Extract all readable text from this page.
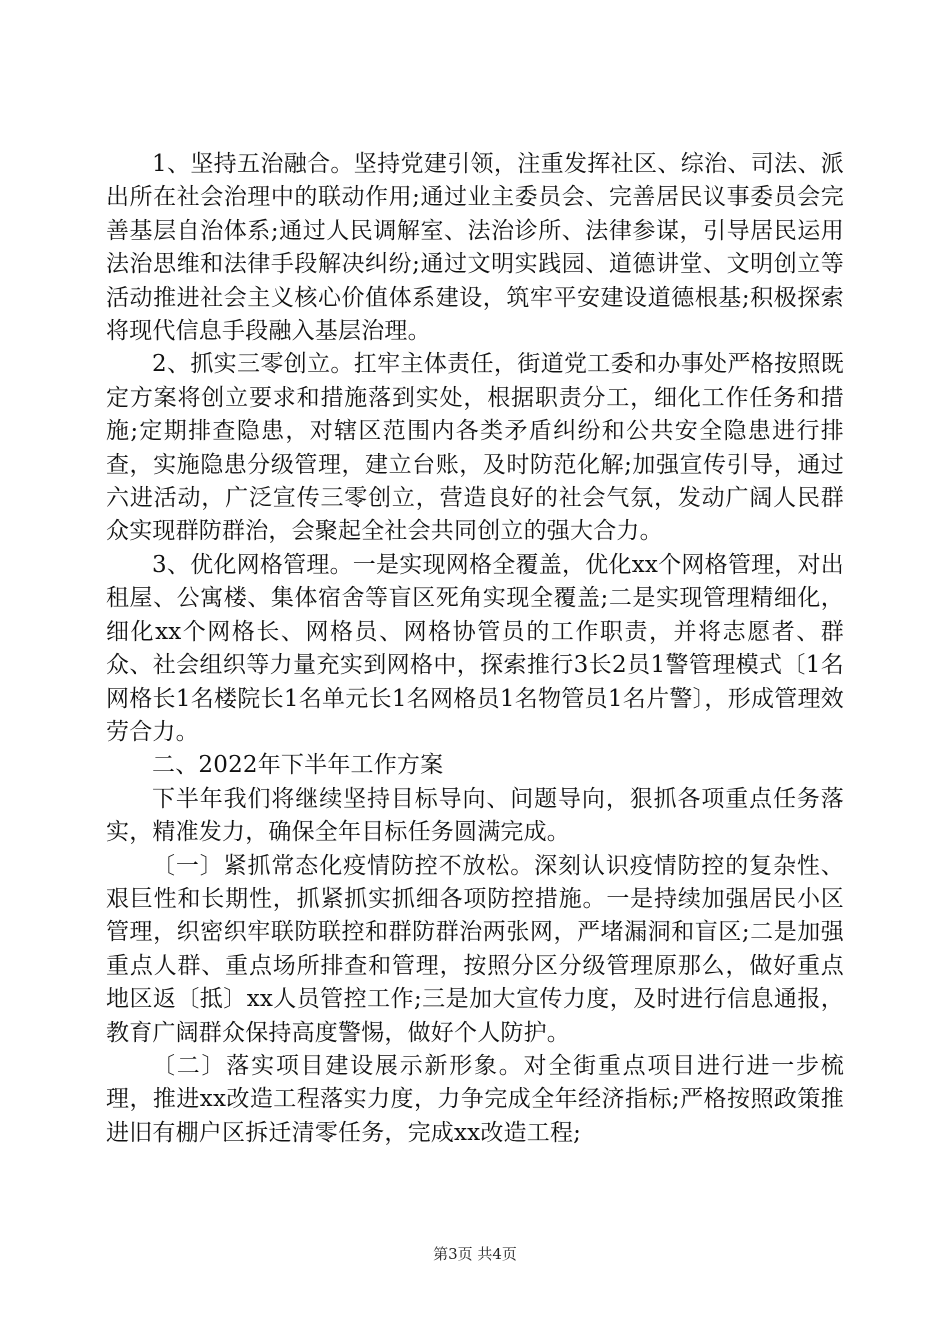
1、坚持五治融合。坚持党建引领，注重发挥社区、综治、司法、派出所在社会治理中的联动作用;通过业主委员会、完善居民议事委员会完善基层自治体系;通过人民调解室、法治诊所、法律参谋，引导居民运用法治思维和法律手段解决纠纷;通过文明实践园、道德讲堂、文明创立等活动推进社会主义核心价值体系建设，筑牢平安建设道德根基;积极探索将现代信息手段融入基层治理。

2、抓实三零创立。扛牢主体责任，街道党工委和办事处严格按照既定方案将创立要求和措施落到实处，根据职责分工，细化工作任务和措施;定期排查隐患，对辖区范围内各类矛盾纠纷和公共安全隐患进行排查，实施隐患分级管理，建立台账，及时防范化解;加强宣传引导，通过六进活动，广泛宣传三零创立，营造良好的社会气氛，发动广阔人民群众实现群防群治，会聚起全社会共同创立的强大合力。

3、优化网格管理。一是实现网格全覆盖，优化xx个网格管理，对出租屋、公寓楼、集体宿舍等盲区死角实现全覆盖;二是实现管理精细化，细化xx个网格长、网格员、网格协管员的工作职责，并将志愿者、群众、社会组织等力量充实到网格中，探索推行3长2员1警管理模式〔1名网格长1名楼院长1名单元长1名网格员1名物管员1名片警〕，形成管理效劳合力。

二、2022年下半年工作方案

下半年我们将继续坚持目标导向、问题导向，狠抓各项重点任务落实，精准发力，确保全年目标任务圆满完成。

〔一〕紧抓常态化疫情防控不放松。深刻认识疫情防控的复杂性、艰巨性和长期性，抓紧抓实抓细各项防控措施。一是持续加强居民小区管理，织密织牢联防联控和群防群治两张网，严堵漏洞和盲区;二是加强重点人群、重点场所排查和管理，按照分区分级管理原那么，做好重点地区返〔抵〕xx人员管控工作;三是加大宣传力度，及时进行信息通报，教育广阔群众保持高度警惕，做好个人防护。

〔二〕落实项目建设展示新形象。对全街重点项目进行进一步梳理，推进xx改造工程落实力度，力争完成全年经济指标;严格按照政策推进旧有棚户区拆迁清零任务，完成xx改造工程;

第3页 共4页
